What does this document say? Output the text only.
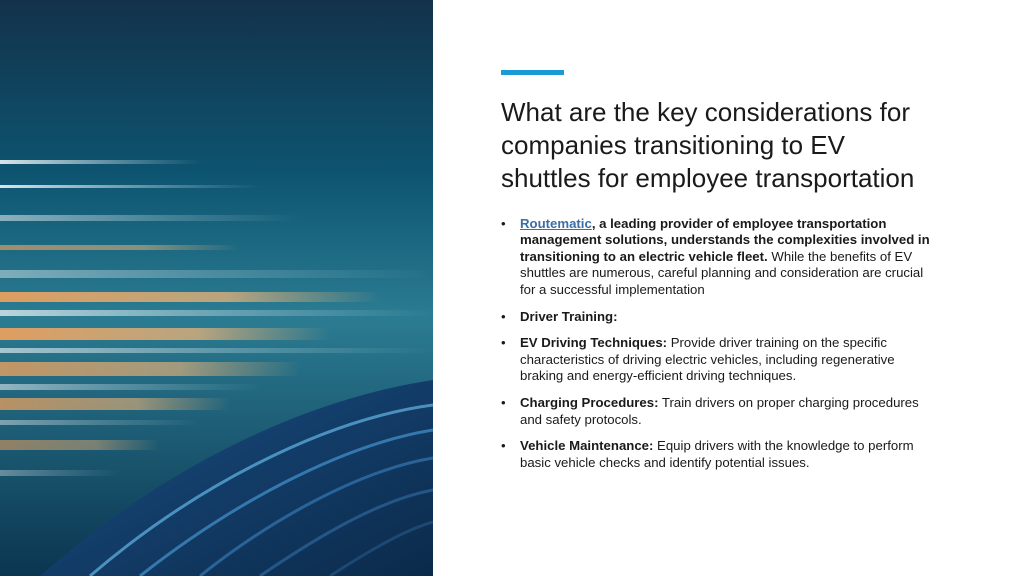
What are the key considerations for companies transitioning to EV shuttles for employee transportation
• Routematic, a leading provider of employee transportation management solutions, understands the complexities involved in transitioning to an electric vehicle fleet. While the benefits of EV shuttles are numerous, careful planning and consideration are crucial for a successful implementation
• Driver Training:
• EV Driving Techniques: Provide driver training on the specific characteristics of driving electric vehicles, including regenerative braking and energy-efficient driving techniques.
• Charging Procedures: Train drivers on proper charging procedures and safety protocols.
• Vehicle Maintenance: Equip drivers with the knowledge to perform basic vehicle checks and identify potential issues.
